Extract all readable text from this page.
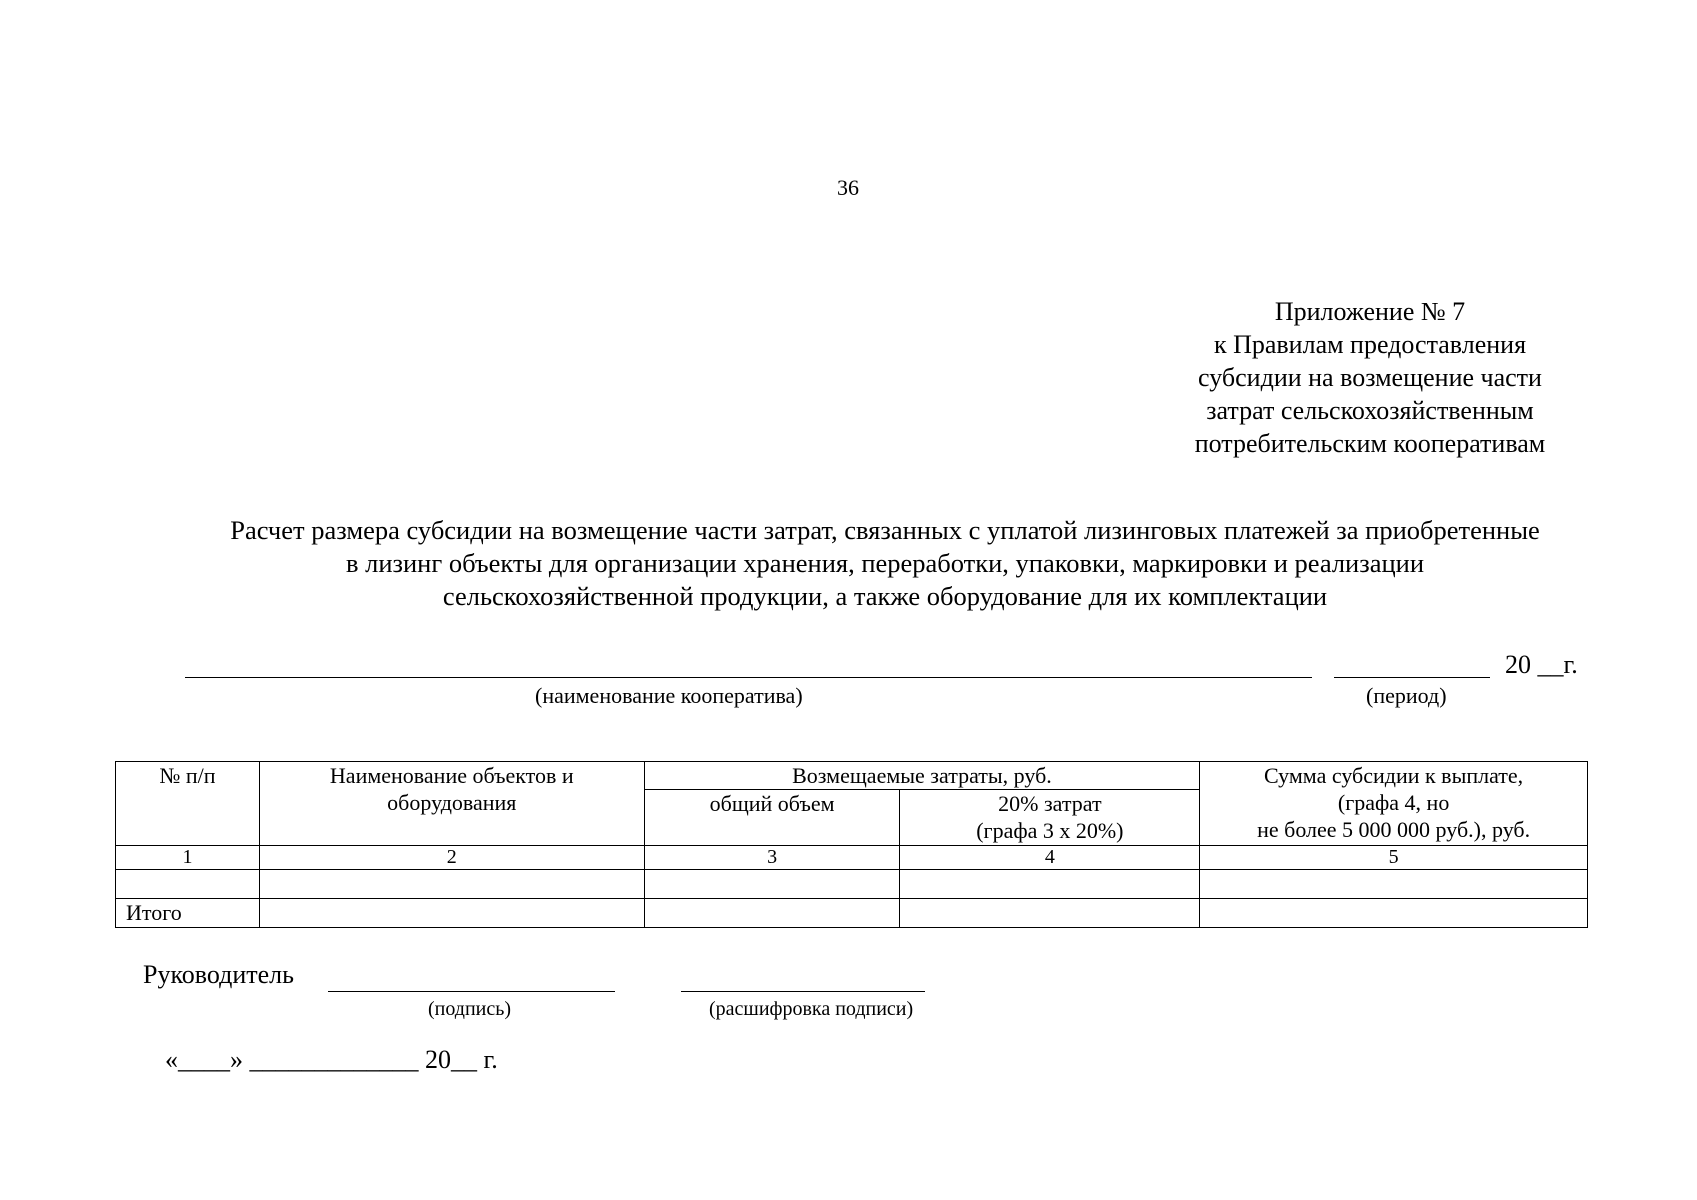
36
Приложение № 7
к Правилам предоставления
субсидии на возмещение части
затрат сельскохозяйственным
потребительским кооперативам
Расчет размера субсидии на возмещение части затрат, связанных с уплатой лизинговых платежей за приобретенные
в лизинг объекты для организации хранения, переработки, упаковки, маркировки и реализации
сельскохозяйственной продукции, а также оборудование для их комплектации
20 __г.
(наименование кооператива)	(период)
№ п/п	Наименование объектов и оборудования	Возмещаемые затраты, руб.		Сумма субсидии к выплате,
(графа 4, но
не более 5 000 000 руб.), руб.

		общий объем	20% затрат
(графа 3 х 20%)	

1	2	3	4	5

Итого				
Руководитель
(подпись)	(расшифровка подписи)
«____» _____________ 20__ г.
